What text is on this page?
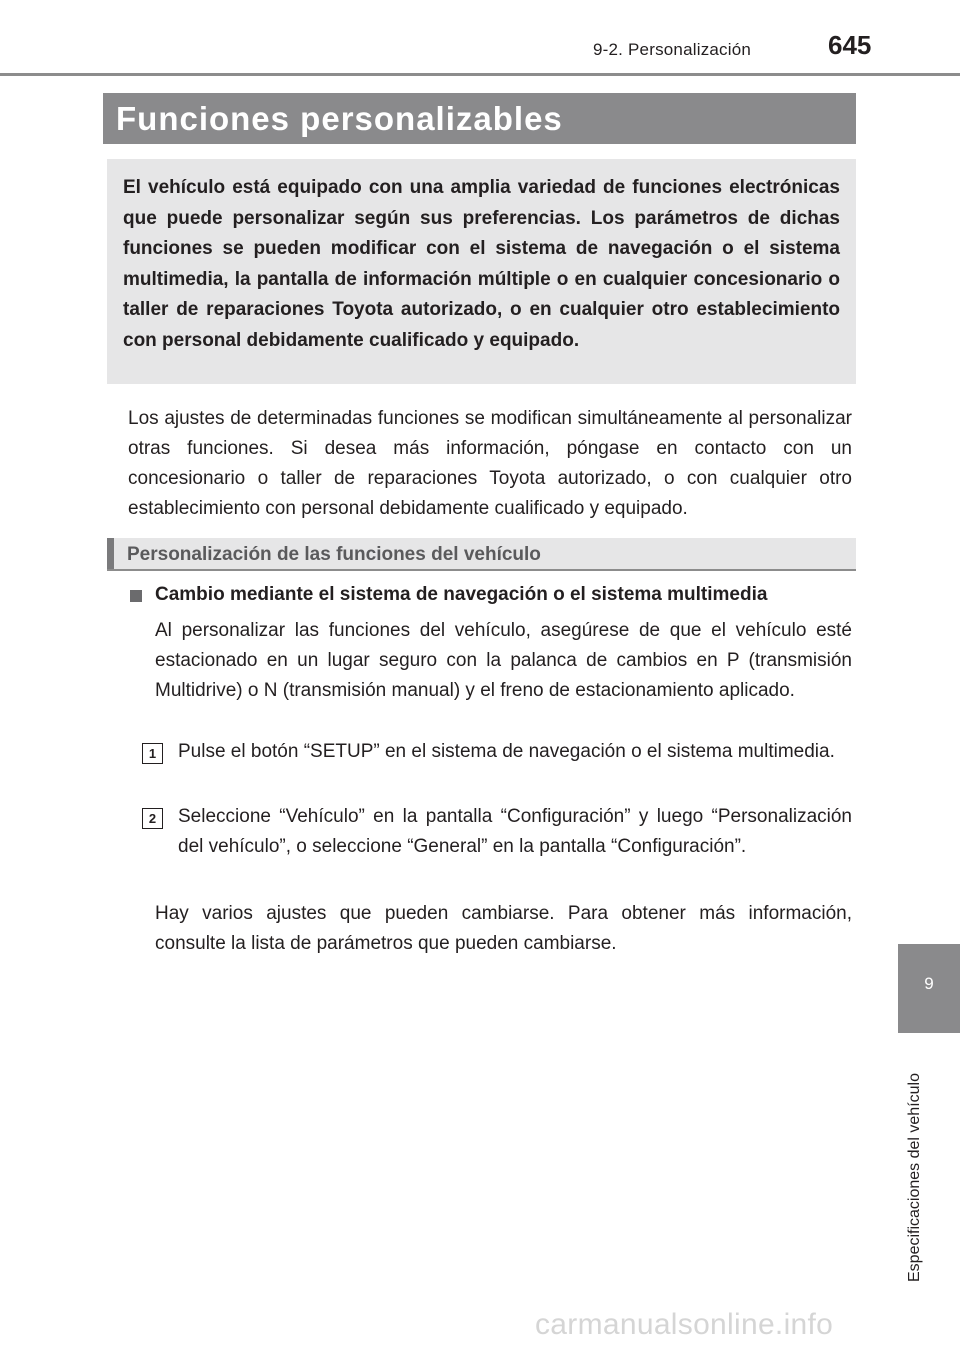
9-2. Personalización	645
Funciones personalizables
El vehículo está equipado con una amplia variedad de funciones electrónicas que puede personalizar según sus preferencias. Los parámetros de dichas funciones se pueden modificar con el sistema de navegación o el sistema multimedia, la pantalla de información múltiple o en cualquier concesionario o taller de reparaciones Toyota autorizado, o en cualquier otro establecimiento con personal debidamente cualificado y equipado.
Los ajustes de determinadas funciones se modifican simultáneamente al personalizar otras funciones. Si desea más información, póngase en contacto con un concesionario o taller de reparaciones Toyota autorizado, o con cualquier otro establecimiento con personal debidamente cualificado y equipado.
Personalización de las funciones del vehículo
Cambio mediante el sistema de navegación o el sistema multimedia
Al personalizar las funciones del vehículo, asegúrese de que el vehículo esté estacionado en un lugar seguro con la palanca de cambios en P (transmisión Multidrive) o N (transmisión manual) y el freno de estacionamiento aplicado.
1	Pulse el botón “SETUP” en el sistema de navegación o el sistema multimedia.
2	Seleccione “Vehículo” en la pantalla “Configuración” y luego “Personalización del vehículo”, o seleccione “General” en la pantalla “Configuración”.
Hay varios ajustes que pueden cambiarse. Para obtener más información, consulte la lista de parámetros que pueden cambiarse.
9
Especificaciones del vehículo
carmanualsonline.info
